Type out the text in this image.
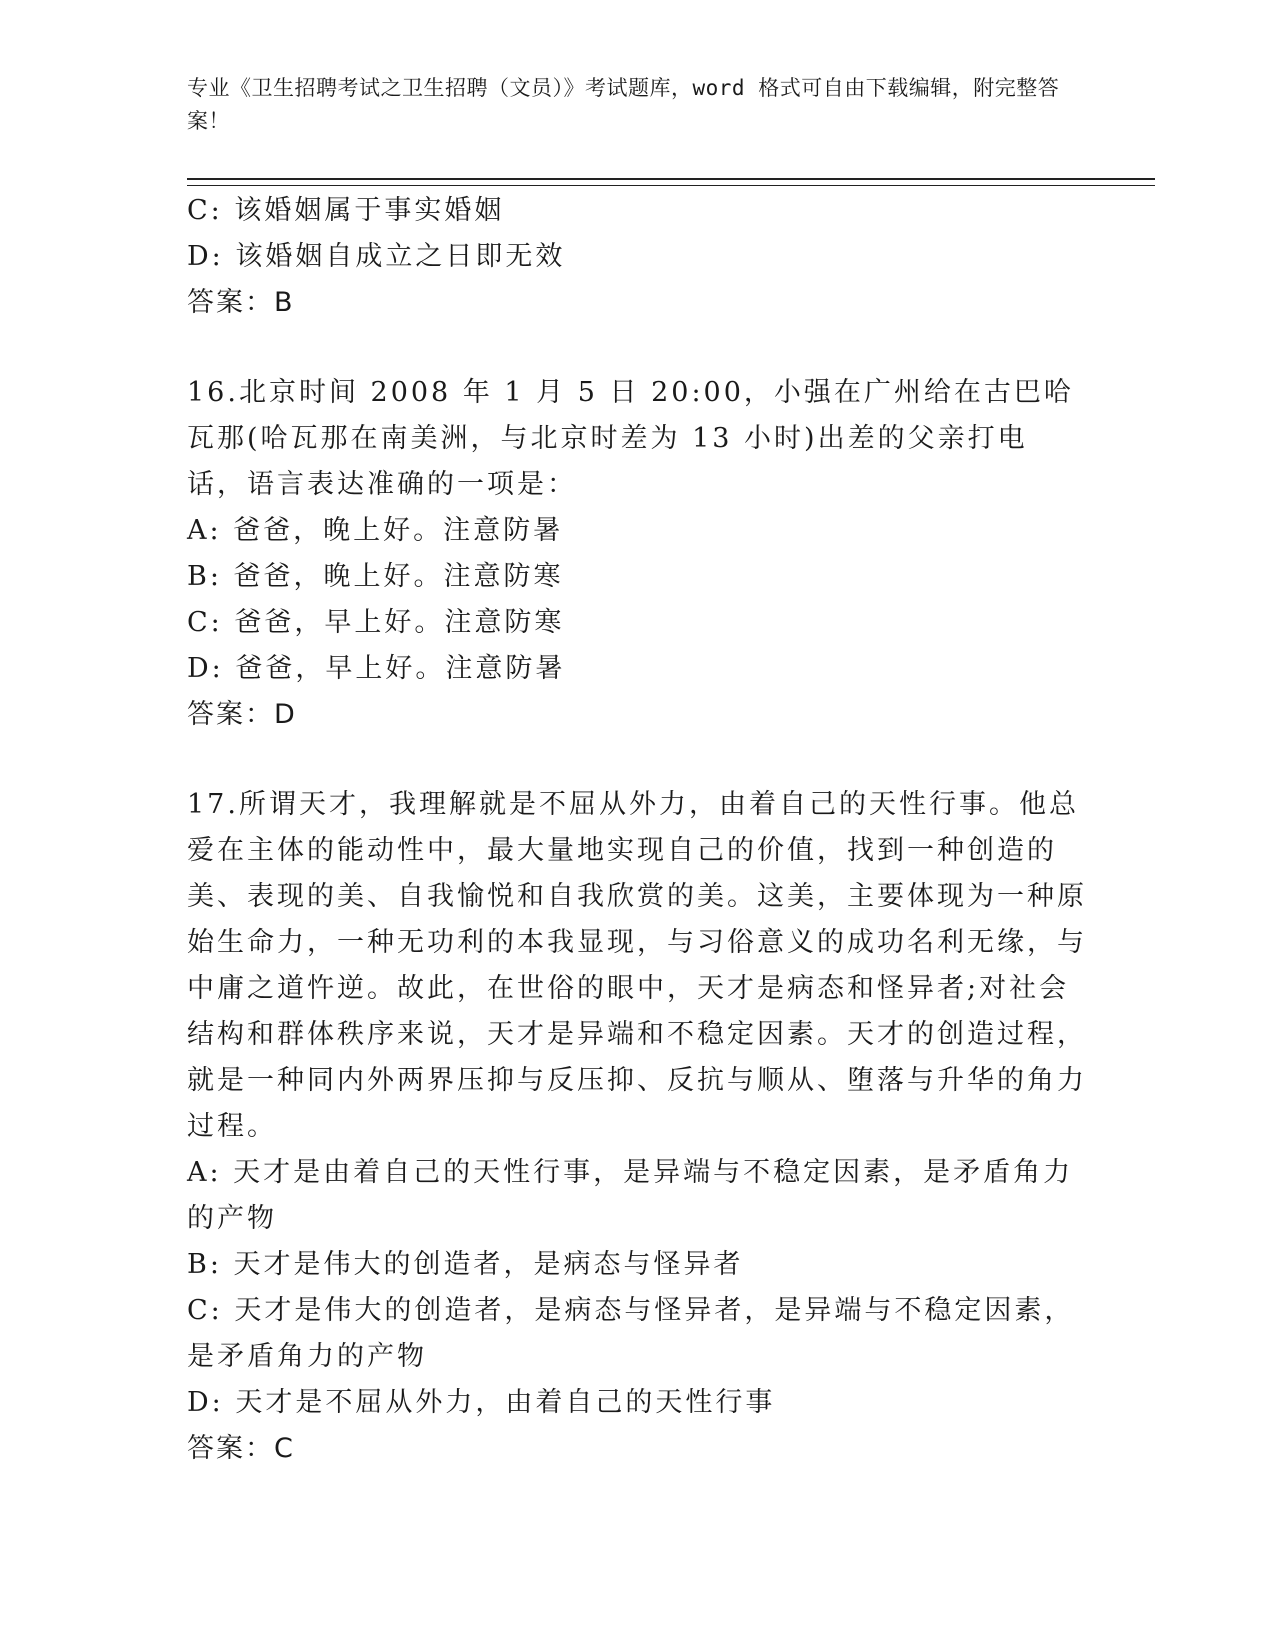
专业《卫生招聘考试之卫生招聘（文员）》考试题库，word 格式可自由下载编辑，附完整答案！
C: 该婚姻属于事实婚姻
D: 该婚姻自成立之日即无效
答案：B
16.北京时间 2008 年 1 月 5 日 20:00，小强在广州给在古巴哈瓦那(哈瓦那在南美洲，与北京时差为 13 小时)出差的父亲打电话，语言表达准确的一项是：
A: 爸爸，晚上好。注意防暑
B: 爸爸，晚上好。注意防寒
C: 爸爸，早上好。注意防寒
D: 爸爸，早上好。注意防暑
答案：D
17.所谓天才，我理解就是不屈从外力，由着自己的天性行事。他总爱在主体的能动性中，最大量地实现自己的价值，找到一种创造的美、表现的美、自我愉悦和自我欣赏的美。这美，主要体现为一种原始生命力，一种无功利的本我显现，与习俗意义的成功名利无缘，与中庸之道忤逆。故此，在世俗的眼中，天才是病态和怪异者;对社会结构和群体秩序来说，天才是异端和不稳定因素。天才的创造过程，就是一种同内外两界压抑与反压抑、反抗与顺从、堕落与升华的角力过程。
A: 天才是由着自己的天性行事，是异端与不稳定因素，是矛盾角力的产物
B: 天才是伟大的创造者，是病态与怪异者
C: 天才是伟大的创造者，是病态与怪异者，是异端与不稳定因素，是矛盾角力的产物
D: 天才是不屈从外力，由着自己的天性行事
答案：C
